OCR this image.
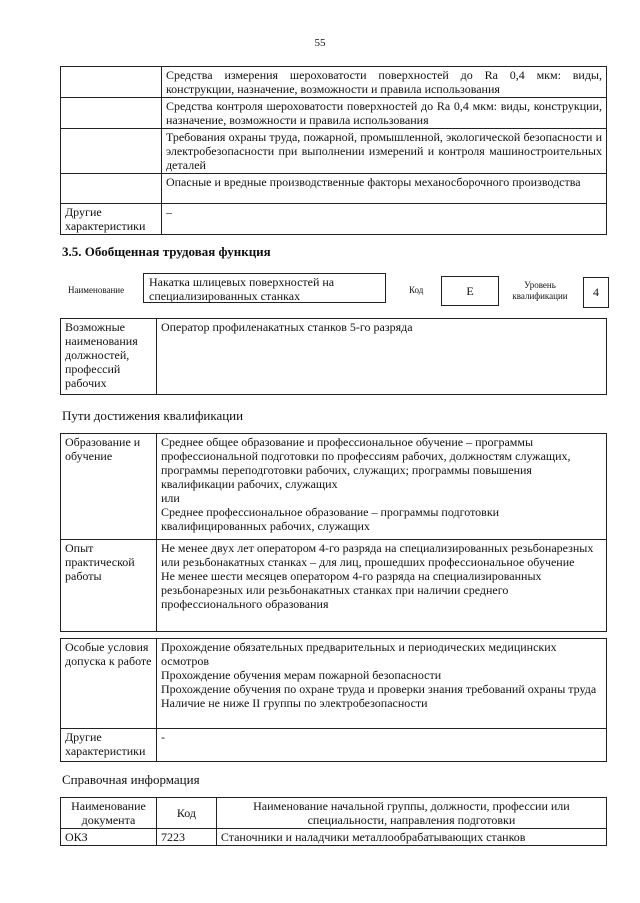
55
	Средства измерения шероховатости поверхностей до Ra 0,4 мкм: виды, конструкции, назначение, возможности и правила использования
	Средства контроля шероховатости поверхностей до Ra 0,4 мкм: виды, конструкции, назначение, возможности и правила использования
	Требования охраны труда, пожарной, промышленной, экологической безопасности и электробезопасности при выполнении измерений и контроля машиностроительных деталей
	Опасные и вредные производственные факторы механосборочного производства
Другие характеристики	–
3.5. Обобщенная трудовая функция
Наименование
Накатка шлицевых поверхностей на специализированных станках	Код	E	Уровень квалификации	4
Возможные наименования должностей, профессий рабочих	Оператор профиленакатных станков 5-го разряда
Пути достижения квалификации
Образование и обучение	Среднее общее образование и профессиональное обучение – программы профессиональной подготовки по профессиям рабочих, должностям служащих, программы переподготовки рабочих, служащих; программы повышения квалификации рабочих, служащих
или
Среднее профессиональное образование – программы подготовки квалифицированных рабочих, служащих

Опыт практической работы	Не менее двух лет оператором 4-го разряда на специализированных резьбонарезных или резьбонакатных станках – для лиц, прошедших профессиональное обучение
Не менее шести месяцев оператором 4-го разряда на специализированных резьбонарезных или резьбонакатных станках при наличии среднего профессионального образования
Особые условия допуска к работе	Прохождение обязательных предварительных и периодических медицинских осмотров
Прохождение обучения мерам пожарной безопасности
Прохождение обучения по охране труда и проверки знания требований охраны труда
Наличие не ниже II группы по электробезопасности

Другие характеристики	-
Справочная информация
Наименование документа	Код	Наименование начальной группы, должности, профессии или специальности, направления подготовки
ОКЗ	7223	Станочники и наладчики металлообрабатывающих станков
